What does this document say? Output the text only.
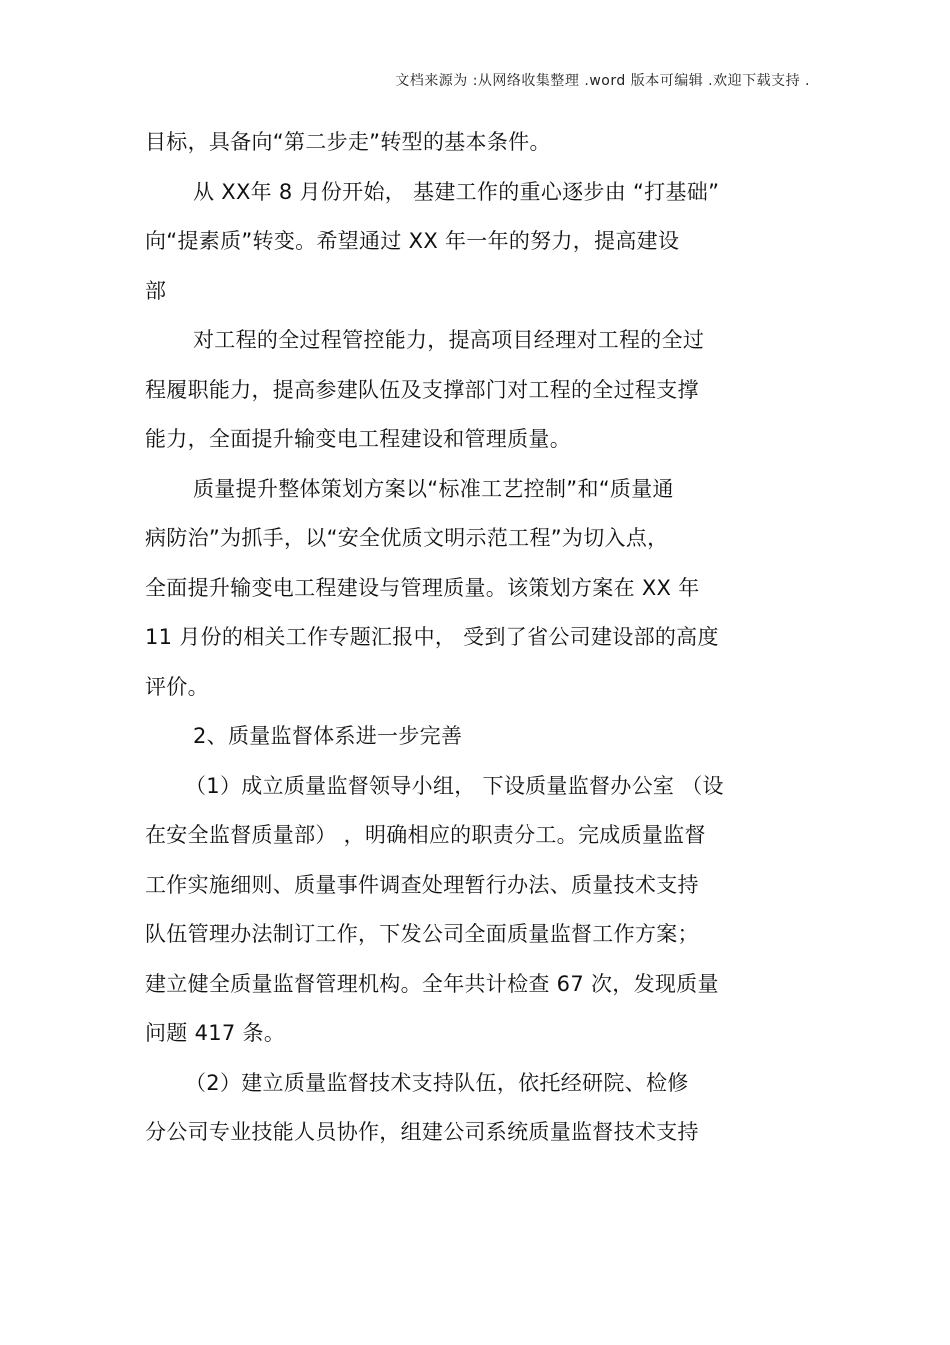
文档来源为 :从网络收集整理 .word 版本可编辑 .欢迎下载支持 .
目标，具备向“第二步走”转型的基本条件。
从 XX年 8 月份开始， 基建工作的重心逐步由 “打基础”
向“提素质”转变。希望通过 XX 年一年的努力，提高建设
部
对工程的全过程管控能力，提高项目经理对工程的全过
程履职能力，提高参建队伍及支撑部门对工程的全过程支撑
能力，全面提升输变电工程建设和管理质量。
质量提升整体策划方案以“标准工艺控制”和“质量通
病防治”为抓手，以“安全优质文明示范工程”为切入点，
全面提升输变电工程建设与管理质量。该策划方案在 XX 年
11 月份的相关工作专题汇报中， 受到了省公司建设部的高度
评价。
2、质量监督体系进一步完善
（1）成立质量监督领导小组， 下设质量监督办公室 （设
在安全监督质量部） ，明确相应的职责分工。完成质量监督
工作实施细则、质量事件调查处理暂行办法、质量技术支持
队伍管理办法制订工作，下发公司全面质量监督工作方案；
建立健全质量监督管理机构。全年共计检查 67 次，发现质量
问题 417 条。
（2）建立质量监督技术支持队伍，依托经研院、检修
分公司专业技能人员协作，组建公司系统质量监督技术支持
